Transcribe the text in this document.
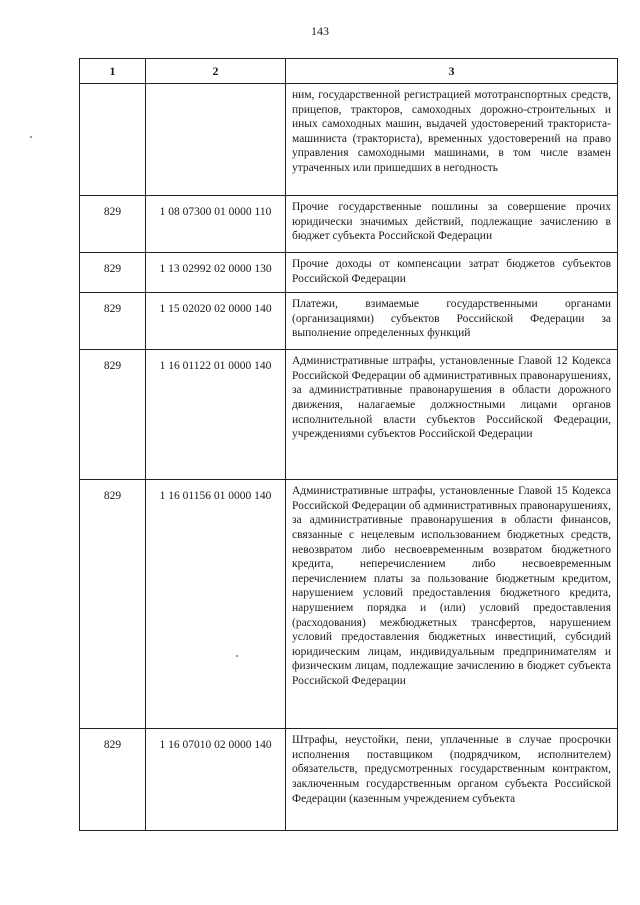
143
1	2	3
		ним, государственной регистрацией мототранспортных средств, прицепов, тракторов, самоходных дорожно-строительных и иных самоходных машин, выдачей удостоверений тракториста-машиниста (тракториста), временных удостоверений на право управления самоходными машинами, в том числе взамен утраченных или пришедших в негодность
829	1 08 07300 01 0000 110	Прочие государственные пошлины за совершение прочих юридически значимых действий, подлежащие зачислению в бюджет субъекта Российской Федерации
829	1 13 02992 02 0000 130	Прочие доходы от компенсации затрат бюджетов субъектов Российской Федерации
829	1 15 02020 02 0000 140	Платежи, взимаемые государственными органами (организациями) субъектов Российской Федерации за выполнение определенных функций
829	1 16 01122 01 0000 140	Административные штрафы, установленные Главой 12 Кодекса Российской Федерации об административных правонарушениях, за административные правонарушения в области дорожного движения, налагаемые должностными лицами органов исполнительной власти субъектов Российской Федерации, учреждениями субъектов Российской Федерации
829	1 16 01156 01 0000 140	Административные штрафы, установленные Главой 15 Кодекса Российской Федерации об административных правонарушениях, за административные правонарушения в области финансов, связанные с нецелевым использованием бюджетных средств, невозвратом либо несвоевременным возвратом бюджетного кредита, неперечислением либо несвоевременным перечислением платы за пользование бюджетным кредитом, нарушением условий предоставления бюджетного кредита, нарушением порядка и (или) условий предоставления (расходования) межбюджетных трансфертов, нарушением условий предоставления бюджетных инвестиций, субсидий юридическим лицам, индивидуальным предпринимателям и физическим лицам, подлежащие зачислению в бюджет субъекта Российской Федерации
829	1 16 07010 02 0000 140	Штрафы, неустойки, пени, уплаченные в случае просрочки исполнения поставщиком (подрядчиком, исполнителем) обязательств, предусмотренных государственным контрактом, заключенным государственным органом субъекта Российской Федерации (казенным учреждением субъекта
